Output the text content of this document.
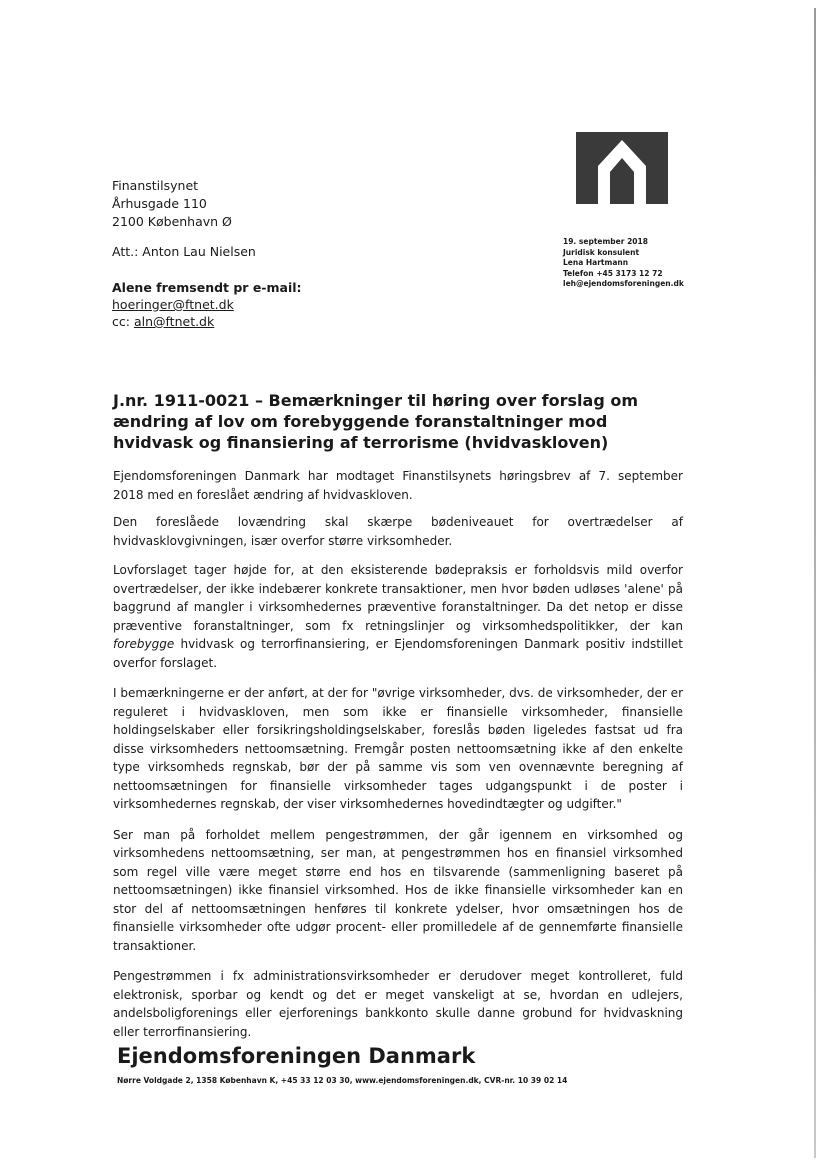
Finanstilsynet
Århusgade 110
2100 København Ø
Att.: Anton Lau Nielsen
Alene fremsendt pr e-mail:
hoeringer@ftnet.dk
cc: aln@ftnet.dk
19. september 2018
Juridisk konsulent
Lena Hartmann
Telefon +45 3173 12 72
leh@ejendomsforeningen.dk
J.nr. 1911-0021 – Bemærkninger til høring over forslag om ændring af lov om forebyggende foranstaltninger mod hvidvask og finansiering af terrorisme (hvidvaskloven)

Ejendomsforeningen Danmark har modtaget Finanstilsynets høringsbrev af 7. september 2018 med en foreslået ændring af hvidvaskloven.

Den foreslåede lovændring skal skærpe bødeniveauet for overtrædelser af hvidvasklovgivningen, især overfor større virksomheder.

Lovforslaget tager højde for, at den eksisterende bødepraksis er forholdsvis mild overfor overtrædelser, der ikke indebærer konkrete transaktioner, men hvor bøden udløses 'alene' på baggrund af mangler i virksomhedernes præventive foranstaltninger. Da det netop er disse præventive foranstaltninger, som fx retningslinjer og virksomhedspolitikker, der kan forebygge hvidvask og terrorfinansiering, er Ejendomsforeningen Danmark positiv indstillet overfor forslaget.

I bemærkningerne er der anført, at der for "øvrige virksomheder, dvs. de virksomheder, der er reguleret i hvidvaskloven, men som ikke er finansielle virksomheder, finansielle holdingselskaber eller forsikringsholdingselskaber, foreslås bøden ligeledes fastsat ud fra disse virksomheders nettoomsætning. Fremgår posten nettoomsætning ikke af den enkelte type virksomheds regnskab, bør der på samme vis som ven ovennævnte beregning af nettoomsætningen for finansielle virksomheder tages udgangspunkt i de poster i virksomhedernes regnskab, der viser virksomhedernes hovedindtægter og udgifter."

Ser man på forholdet mellem pengestrømmen, der går igennem en virksomhed og virksomhedens nettoomsætning, ser man, at pengestrømmen hos en finansiel virksomhed som regel ville være meget større end hos en tilsvarende (sammenligning baseret på nettoomsætningen) ikke finansiel virksomhed. Hos de ikke finansielle virksomheder kan en stor del af nettoomsætningen henføres til konkrete ydelser, hvor omsætningen hos de finansielle virksomheder ofte udgør procent- eller promilledele af de gennemførte finansielle transaktioner.

Pengestrømmen i fx administrationsvirksomheder er derudover meget kontrolleret, fuld elektronisk, sporbar og kendt og det er meget vanskeligt at se, hvordan en udlejers, andelsboligforenings eller ejerforenings bankkonto skulle danne grobund for hvidvaskning eller terrorfinansiering.

Ejendomsforeningen Danmark
Nørre Voldgade 2, 1358 København K, +45 33 12 03 30, www.ejendomsforeningen.dk, CVR-nr. 10 39 02 14
